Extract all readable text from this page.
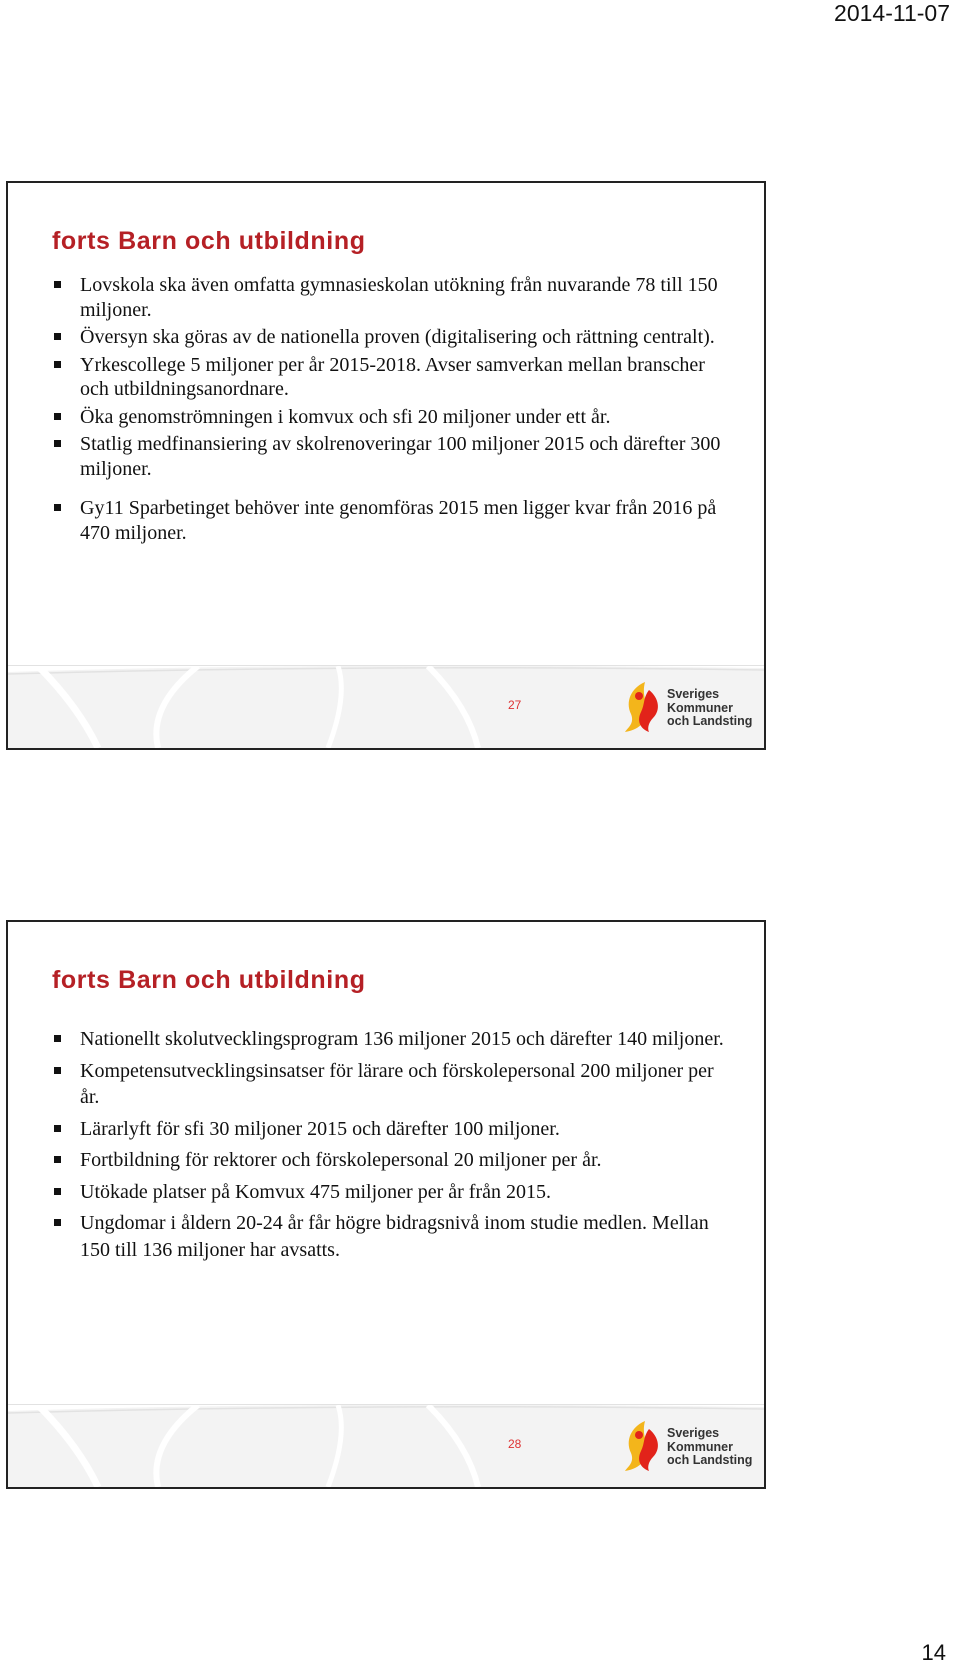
2014-11-07
forts Barn och utbildning
Lovskola ska även omfatta gymnasieskolan utökning från nuvarande 78 till 150 miljoner.
Översyn ska göras av de nationella proven (digitalisering och rättning centralt).
Yrkescollege 5 miljoner per år 2015-2018. Avser samverkan mellan branscher och utbildningsanordnare.
Öka genomströmningen i komvux och sfi 20 miljoner under ett år.
Statlig medfinansiering av skolrenoveringar 100 miljoner 2015 och därefter 300 miljoner.
Gy11 Sparbetinget behöver inte genomföras 2015 men ligger kvar från 2016 på 470 miljoner.
27
Sveriges
Kommuner
och Landsting
forts Barn och utbildning
Nationellt skolutvecklingsprogram 136 miljoner 2015 och därefter 140 miljoner.
Kompetensutvecklingsinsatser för lärare och förskolepersonal 200 miljoner per år.
Lärarlyft för sfi 30 miljoner 2015 och därefter 100 miljoner.
Fortbildning för rektorer och förskolepersonal 20 miljoner per år.
Utökade platser på Komvux 475 miljoner per år från 2015.
Ungdomar i åldern 20-24 år får högre bidragsnivå inom studie medlen. Mellan 150 till 136 miljoner har avsatts.
28
Sveriges
Kommuner
och Landsting
14
